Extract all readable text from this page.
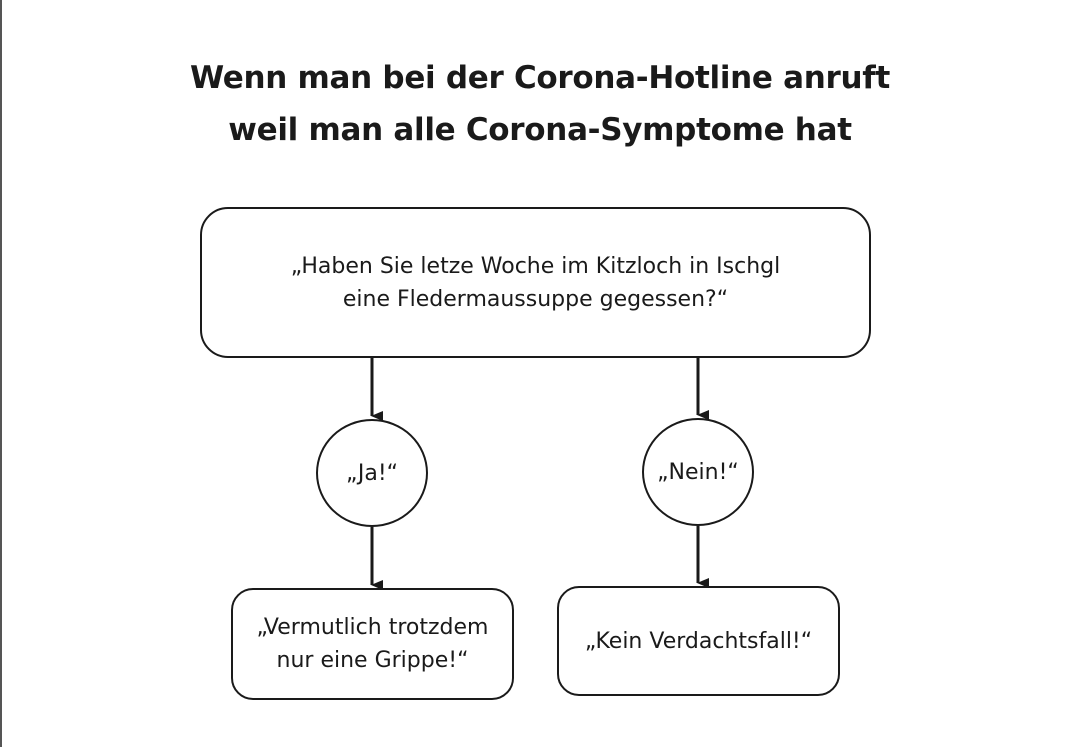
Wenn man bei der Corona-Hotline anruft
weil man alle Corona-Symptome hat
„Haben Sie letze Woche im Kitzloch in Ischgl
eine Fledermaussuppe gegessen?“
„Ja!“	„Nein!“
„Vermutlich trotzdem
nur eine Grippe!“
„Kein Verdachtsfall!“
